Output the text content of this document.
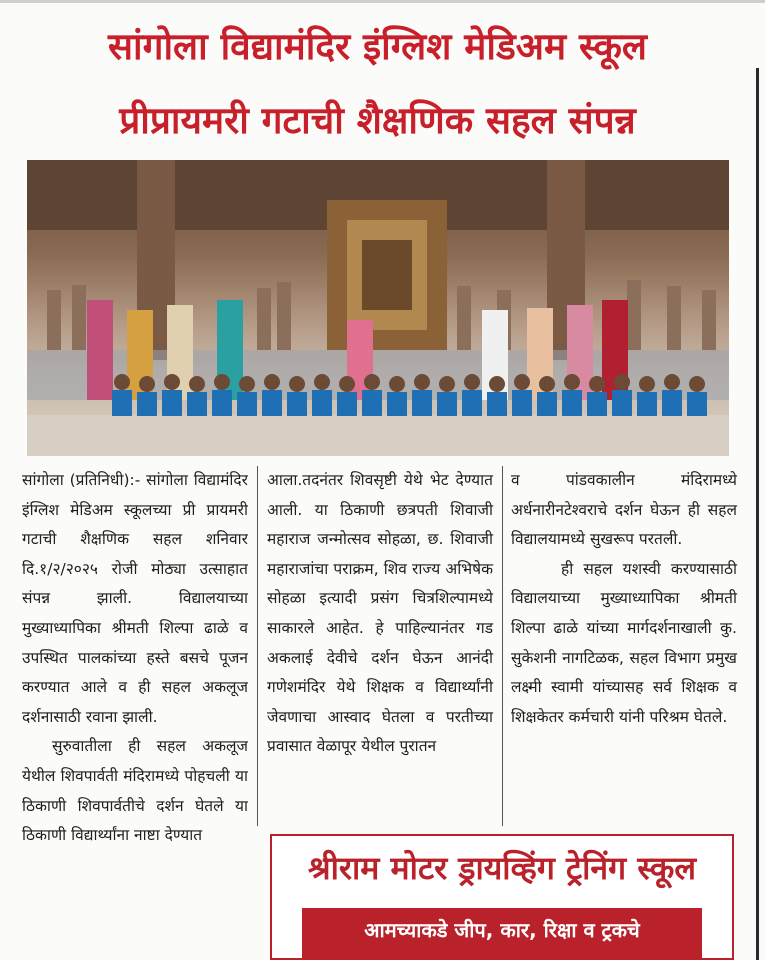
सांगोला विद्यामंदिर इंग्लिश मेडिअम स्कूल
प्रीप्रायमरी गटाची शैक्षणिक सहल संपन्न

सांगोला (प्रतिनिधी):- सांगोला विद्यामंदिर इंग्लिश मेडिअम स्कूलच्या प्री प्रायमरी गटाची शैक्षणिक सहल शनिवार दि.१/२/२०२५ रोजी मोठ्या उत्साहात संपन्न झाली. विद्यालयाच्या मुख्याध्यापिका श्रीमती शिल्पा ढाळे व उपस्थित पालकांच्या हस्ते बसचे पूजन करण्यात आले व ही सहल अकलूज दर्शनासाठी रवाना झाली.

सुरुवातीला ही सहल अकलूज येथील शिवपार्वती मंदिरामध्ये पोहचली या ठिकाणी शिवपार्वतीचे दर्शन घेतले या ठिकाणी विद्यार्थ्यांना नाष्टा देण्यात

आला.तदनंतर शिवसृष्टी येथे भेट देण्यात आली. या ठिकाणी छत्रपती शिवाजी महाराज जन्मोत्सव सोहळा, छ. शिवाजी महाराजांचा पराक्रम, शिव राज्य अभिषेक सोहळा इत्यादी प्रसंग चित्रशिल्पामध्ये साकारले आहेत. हे पाहिल्यानंतर गड अकलाई देवीचे दर्शन घेऊन आनंदी गणेशमंदिर येथे शिक्षक व विद्यार्थ्यांनी जेवणाचा आस्वाद घेतला व परतीच्या प्रवासात वेळापूर येथील पुरातन

व पांडवकालीन मंदिरामध्ये अर्धनारीनटेश्वराचे दर्शन घेऊन ही सहल विद्यालयामध्ये सुखरूप परतली.

ही सहल यशस्वी करण्यासाठी विद्यालयाच्या मुख्याध्यापिका श्रीमती शिल्पा ढाळे यांच्या मार्गदर्शनाखाली कु. सुकेशनी नागटिळक, सहल विभाग प्रमुख लक्ष्मी स्वामी यांच्यासह सर्व शिक्षक व शिक्षकेतर कर्मचारी यांनी परिश्रम घेतले.

श्रीराम मोटर ड्रायव्हिंग ट्रेनिंग स्कूल
आमच्याकडे जीप, कार, रिक्षा व ट्रकचे
